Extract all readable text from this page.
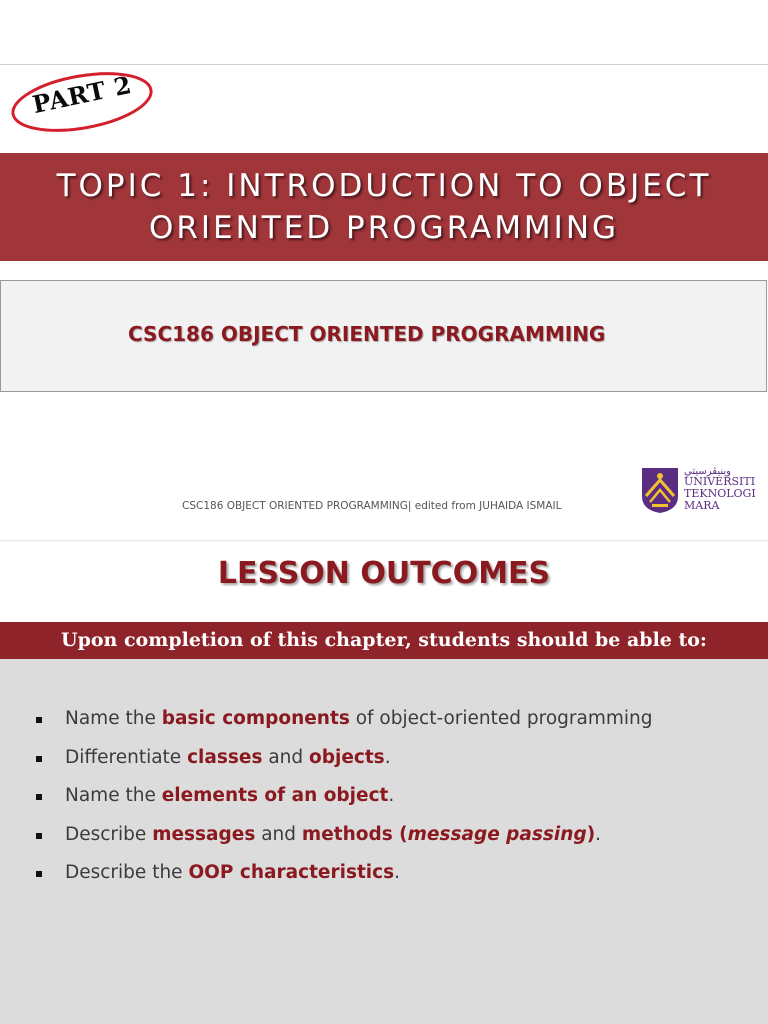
PART 2
TOPIC 1: INTRODUCTION TO OBJECT
ORIENTED PROGRAMMING
CSC186 OBJECT ORIENTED PROGRAMMING
CSC186 OBJECT ORIENTED PROGRAMMING| edited from JUHAIDA ISMAIL
وينيڤرسيتي
UNIVERSITI
TEKNOLOGI
MARA
LESSON OUTCOMES
Upon completion of this chapter, students should be able to:
Name the basic components of object-oriented programming
Differentiate classes and objects.
Name the elements of an object.
Describe messages and methods (message passing).
Describe the OOP characteristics.
